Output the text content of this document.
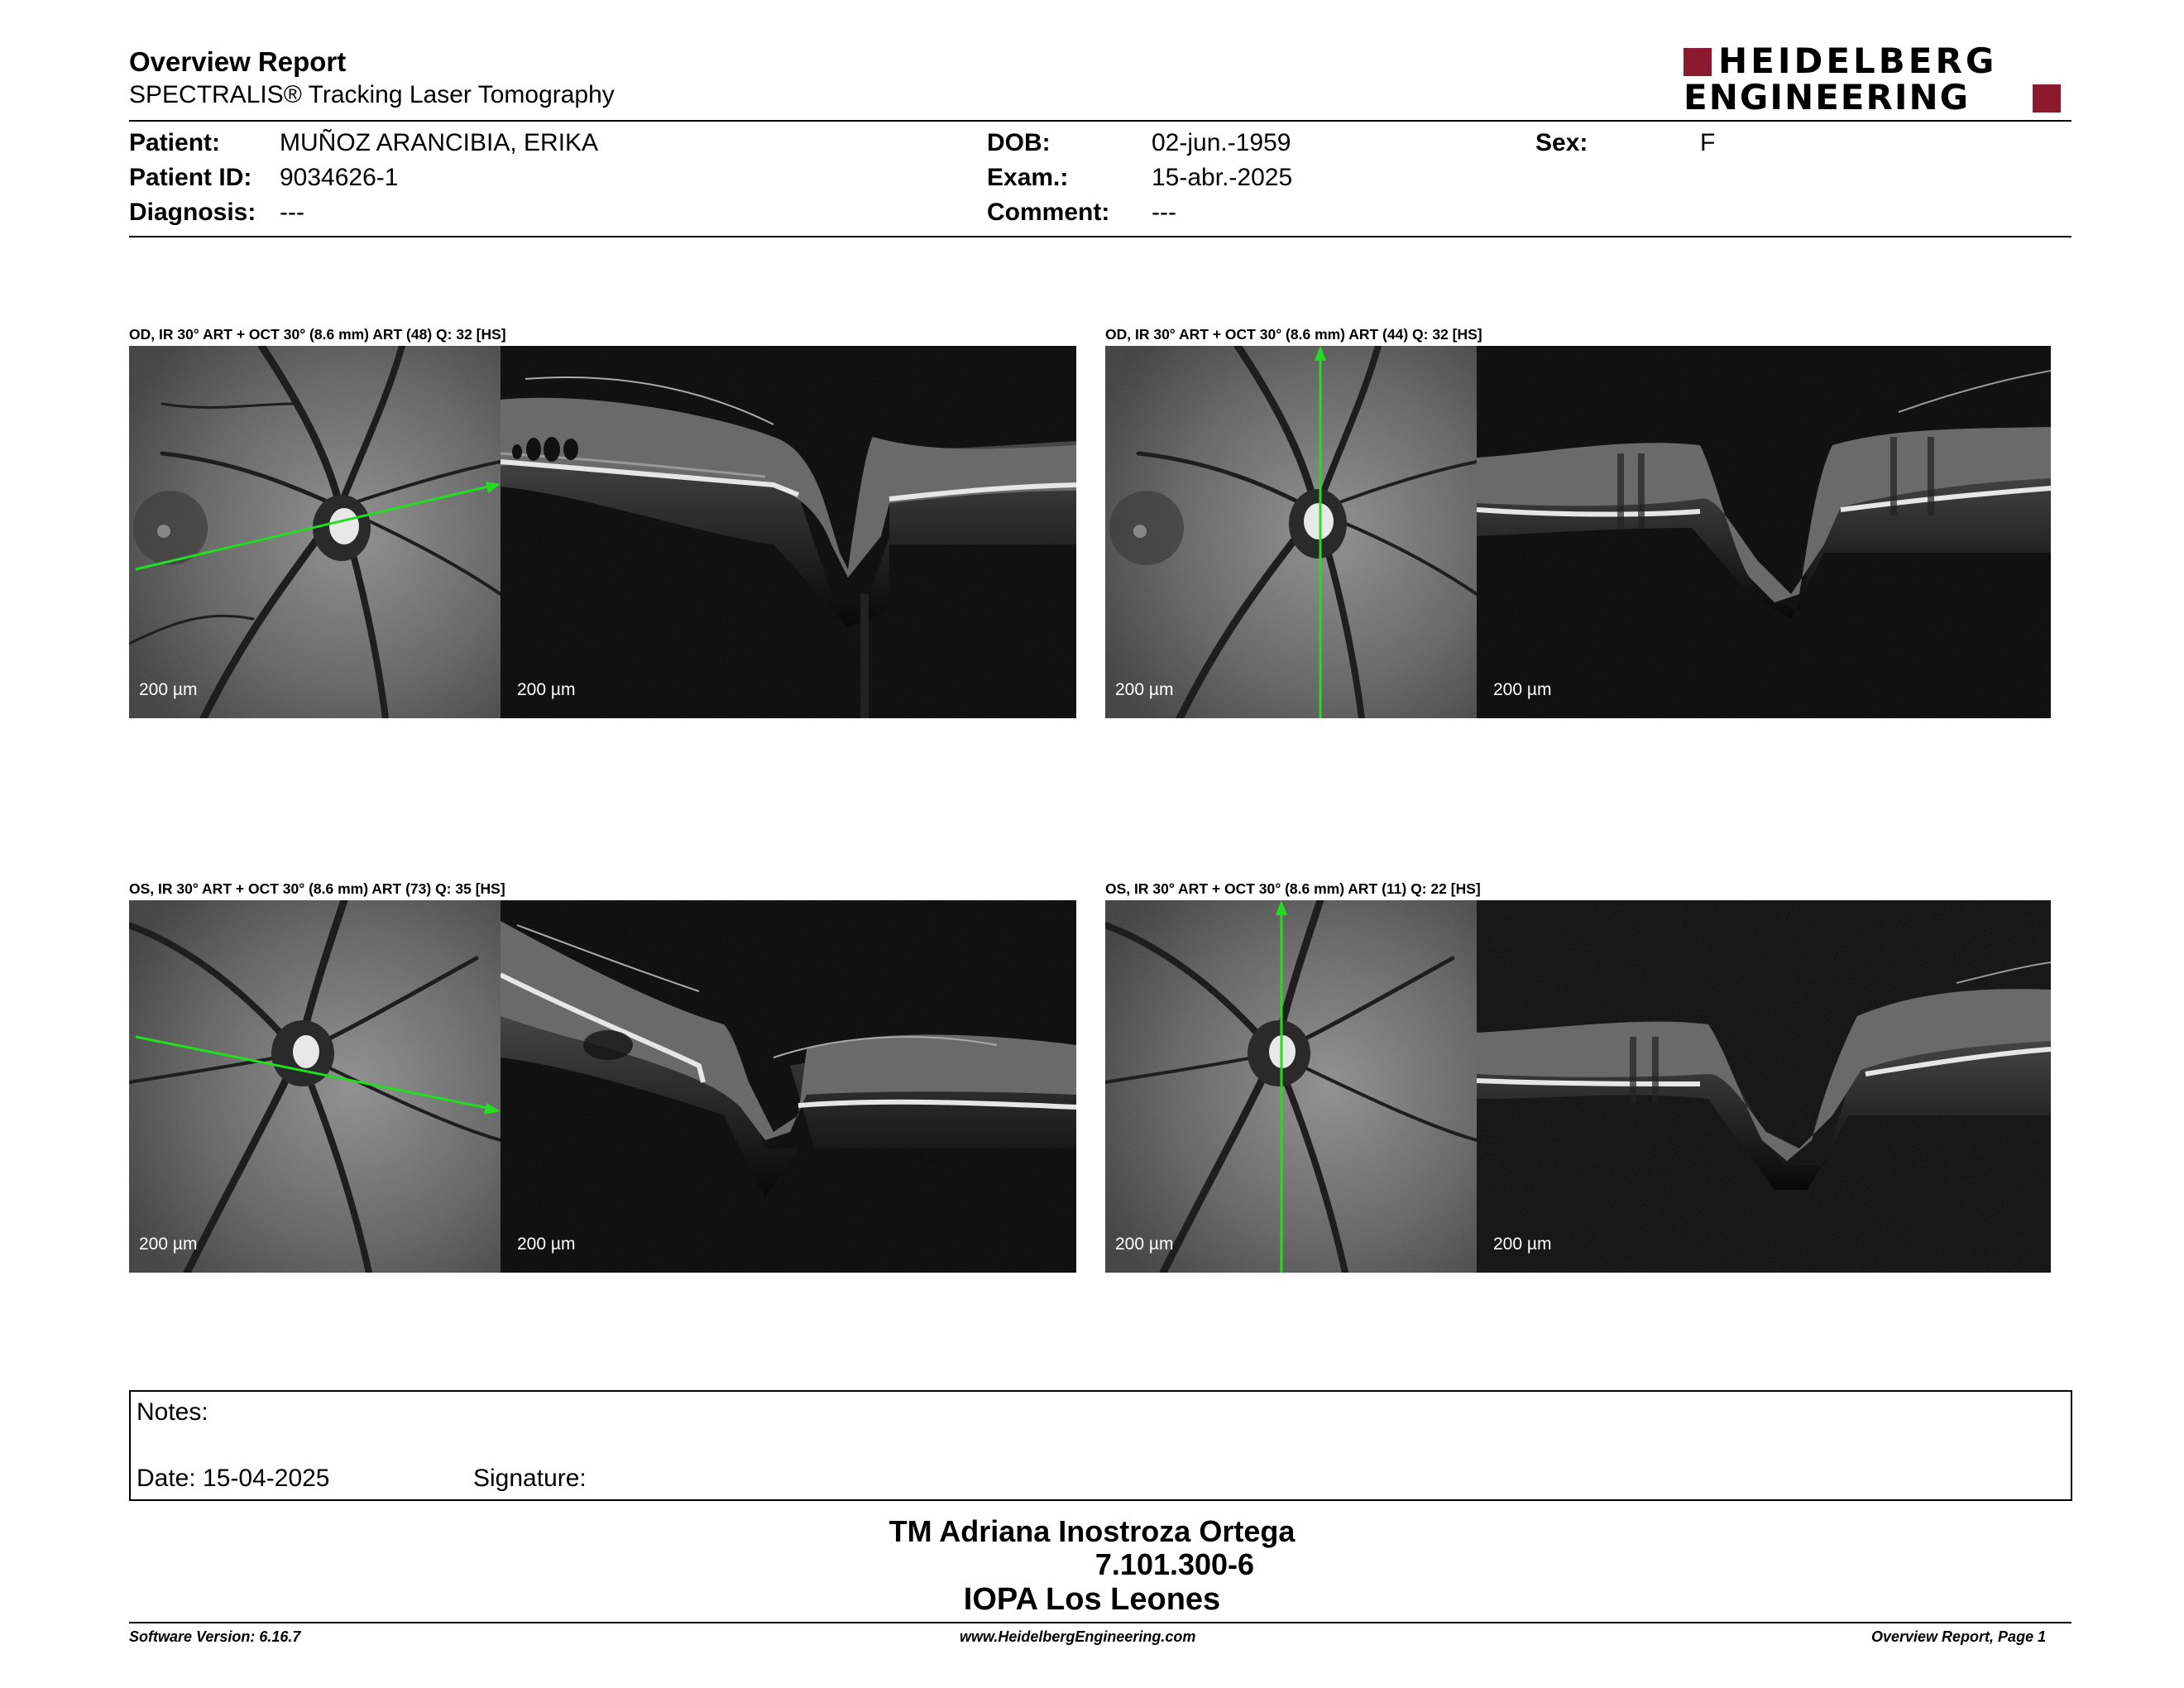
Overview Report
SPECTRALIS® Tracking Laser Tomography
HEIDELBERG
ENGINEERING
Patient: MUÑOZ ARANCIBIA, ERIKA
Patient ID: 9034626-1
Diagnosis: ---
DOB:	02-jun.-1959
Exam.:	15-abr.-2025
Comment: ---
Sex:	F
OD, IR 30° ART + OCT 30° (8.6 mm) ART (48) Q: 32 [HS]
200 µm	200 µm
OD, IR 30° ART + OCT 30° (8.6 mm) ART (44) Q: 32 [HS]
200 µm	200 µm
OS, IR 30° ART + OCT 30° (8.6 mm) ART (73) Q: 35 [HS]
200 µm	200 µm
OS, IR 30° ART + OCT 30° (8.6 mm) ART (11) Q: 22 [HS]
200 µm	200 µm
Notes:
Date: 15-04-2025	Signature:
TM Adriana Inostroza Ortega
7.101.300-6
IOPA Los Leones
Software Version: 6.16.7	www.HeidelbergEngineering.com	Overview Report, Page 1
